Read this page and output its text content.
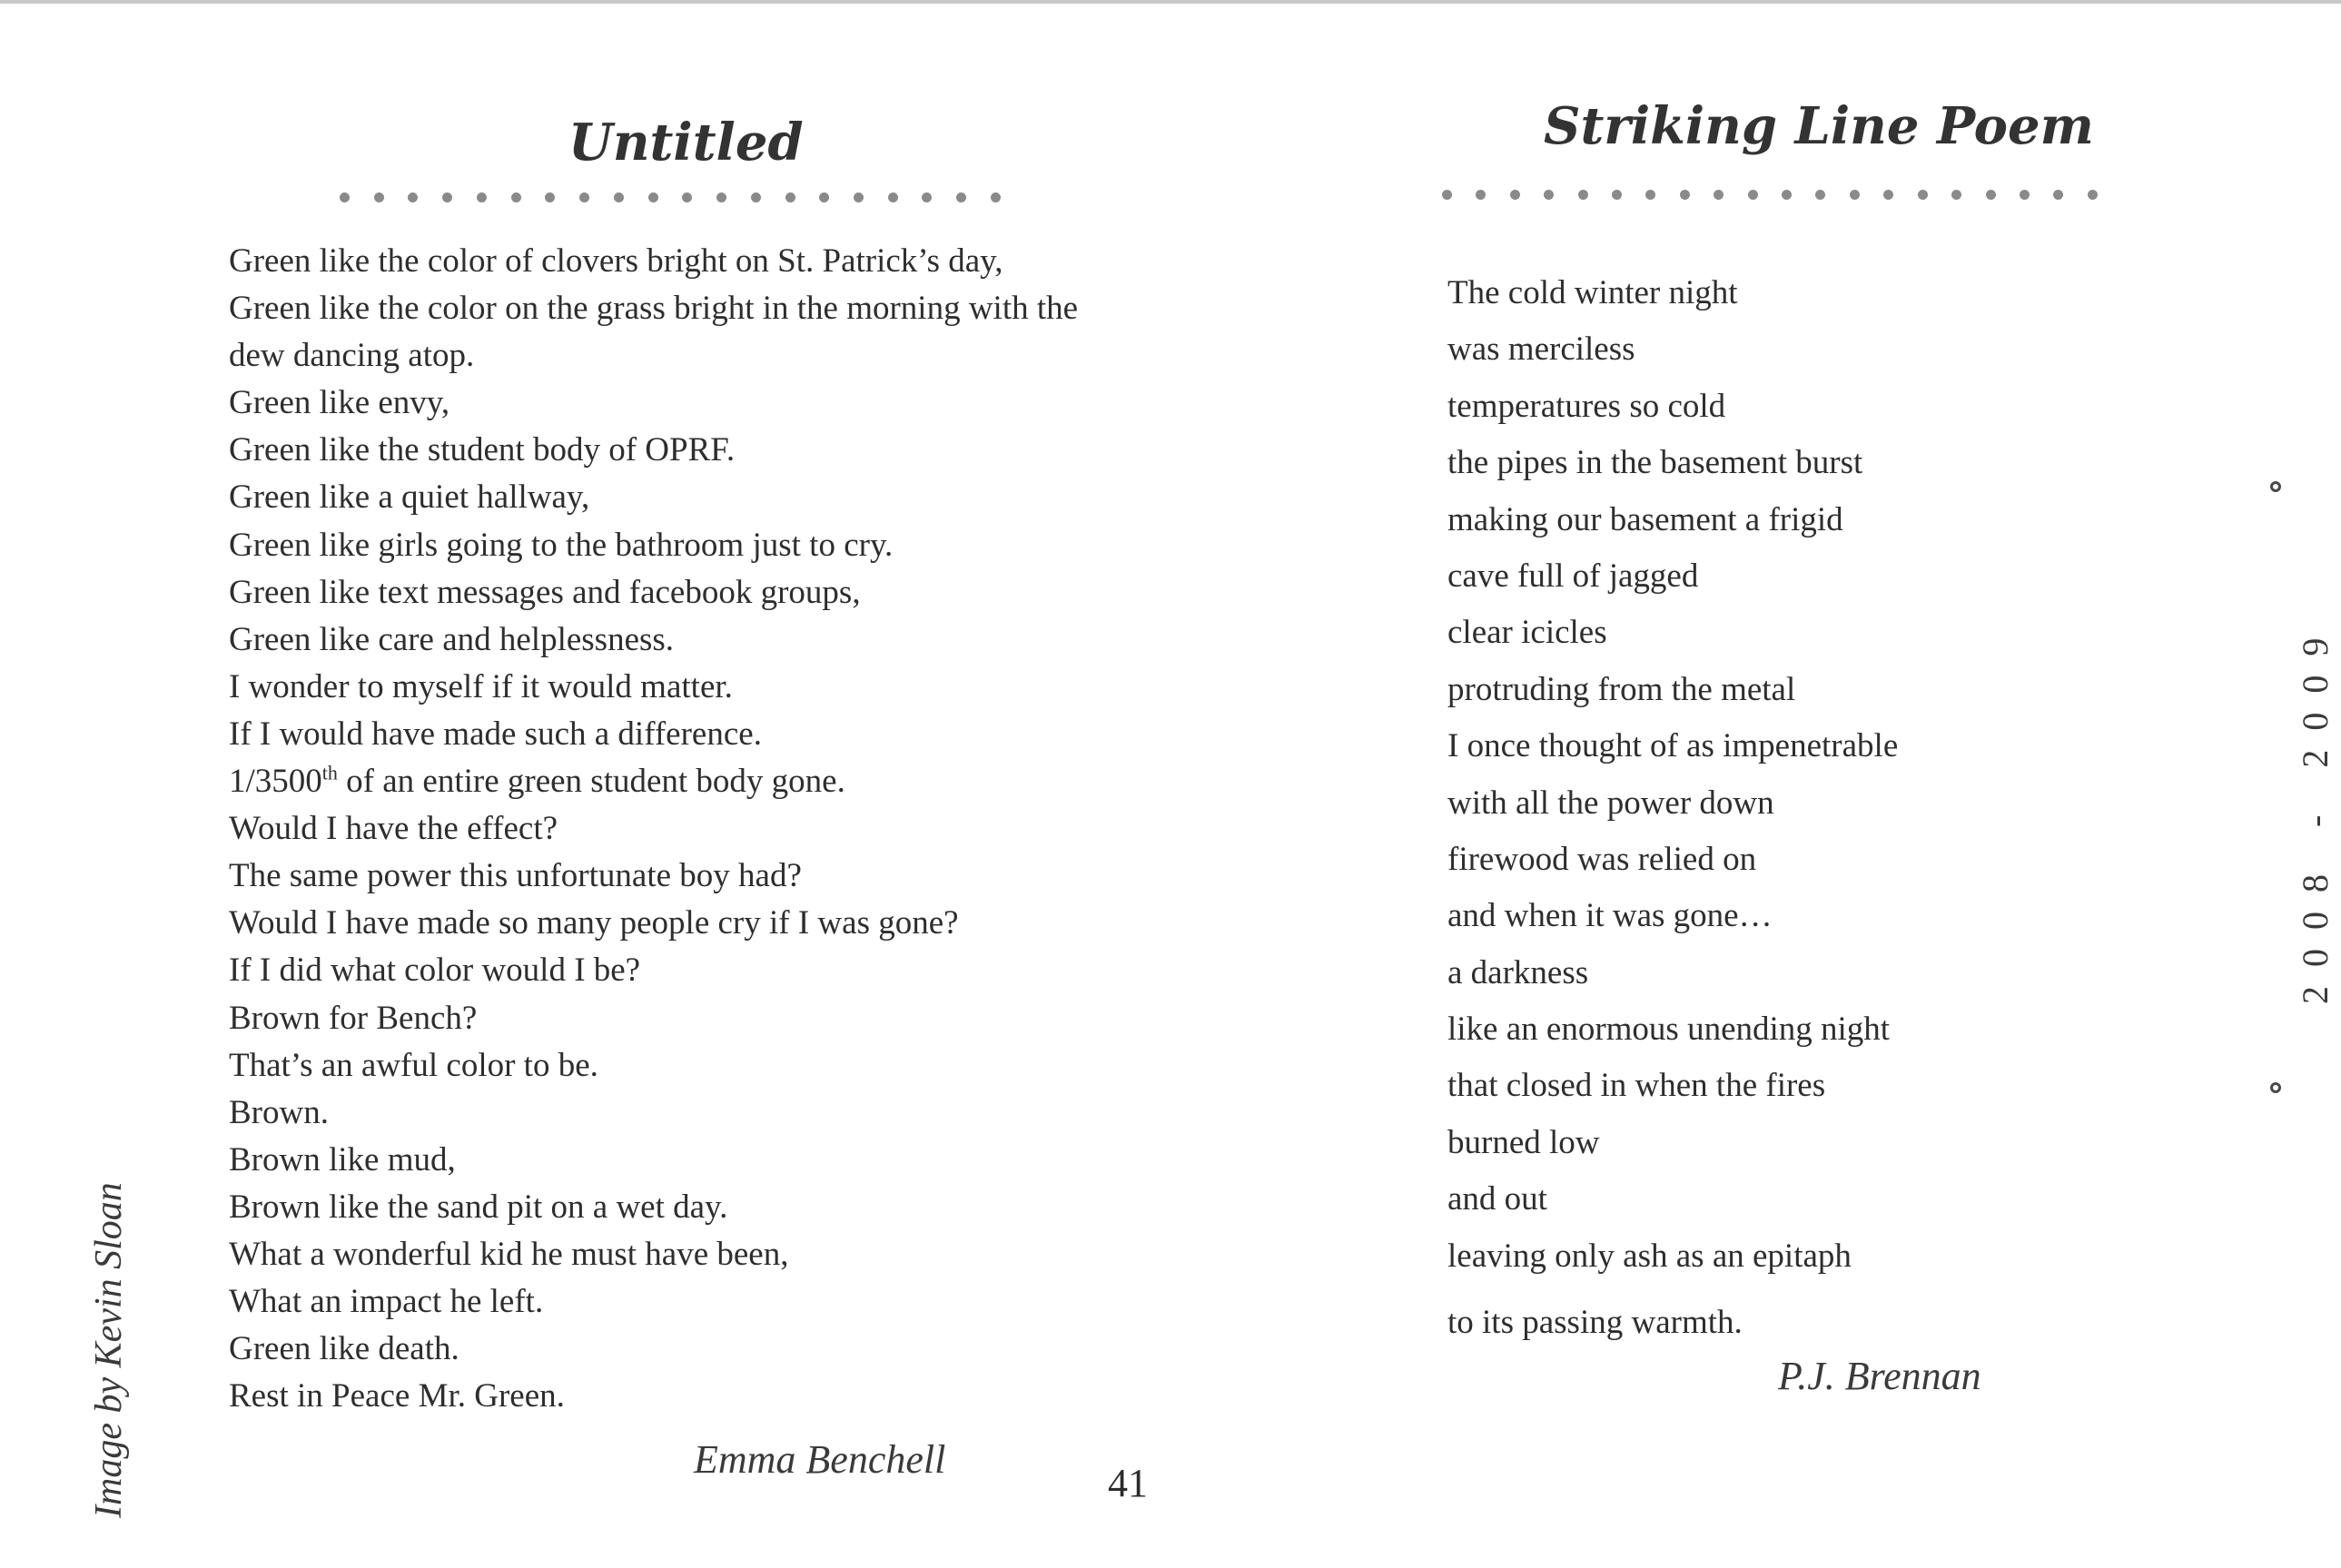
Untitled
Green like the color of clovers bright on St. Patrick’s day,
Green like the color on the grass bright in the morning with the
dew dancing atop.
Green like envy,
Green like the student body of OPRF.
Green like a quiet hallway,
Green like girls going to the bathroom just to cry.
Green like text messages and facebook groups,
Green like care and helplessness.
I wonder to myself if it would matter.
If I would have made such a difference.
1/3500th of an entire green student body gone.
Would I have the effect?
The same power this unfortunate boy had?
Would I have made so many people cry if I was gone?
If I did what color would I be?
Brown for Bench?
That’s an awful color to be.
Brown.
Brown like mud,
Brown like the sand pit on a wet day.
What a wonderful kid he must have been,
What an impact he left.
Green like death.
Rest in Peace Mr. Green.

Emma Benchell

41

Striking Line Poem
The cold winter night
was merciless
temperatures so cold
the pipes in the basement burst
making our basement a frigid
cave full of jagged
clear icicles
protruding from the metal
I once thought of as impenetrable
with all the power down
firewood was relied on
and when it was gone…
a darkness
like an enormous unending night
that closed in when the fires
burned low
and out
leaving only ash as an epitaph
to its passing warmth.

P.J. Brennan

Image by Kevin Sloan

2008 - 2009
